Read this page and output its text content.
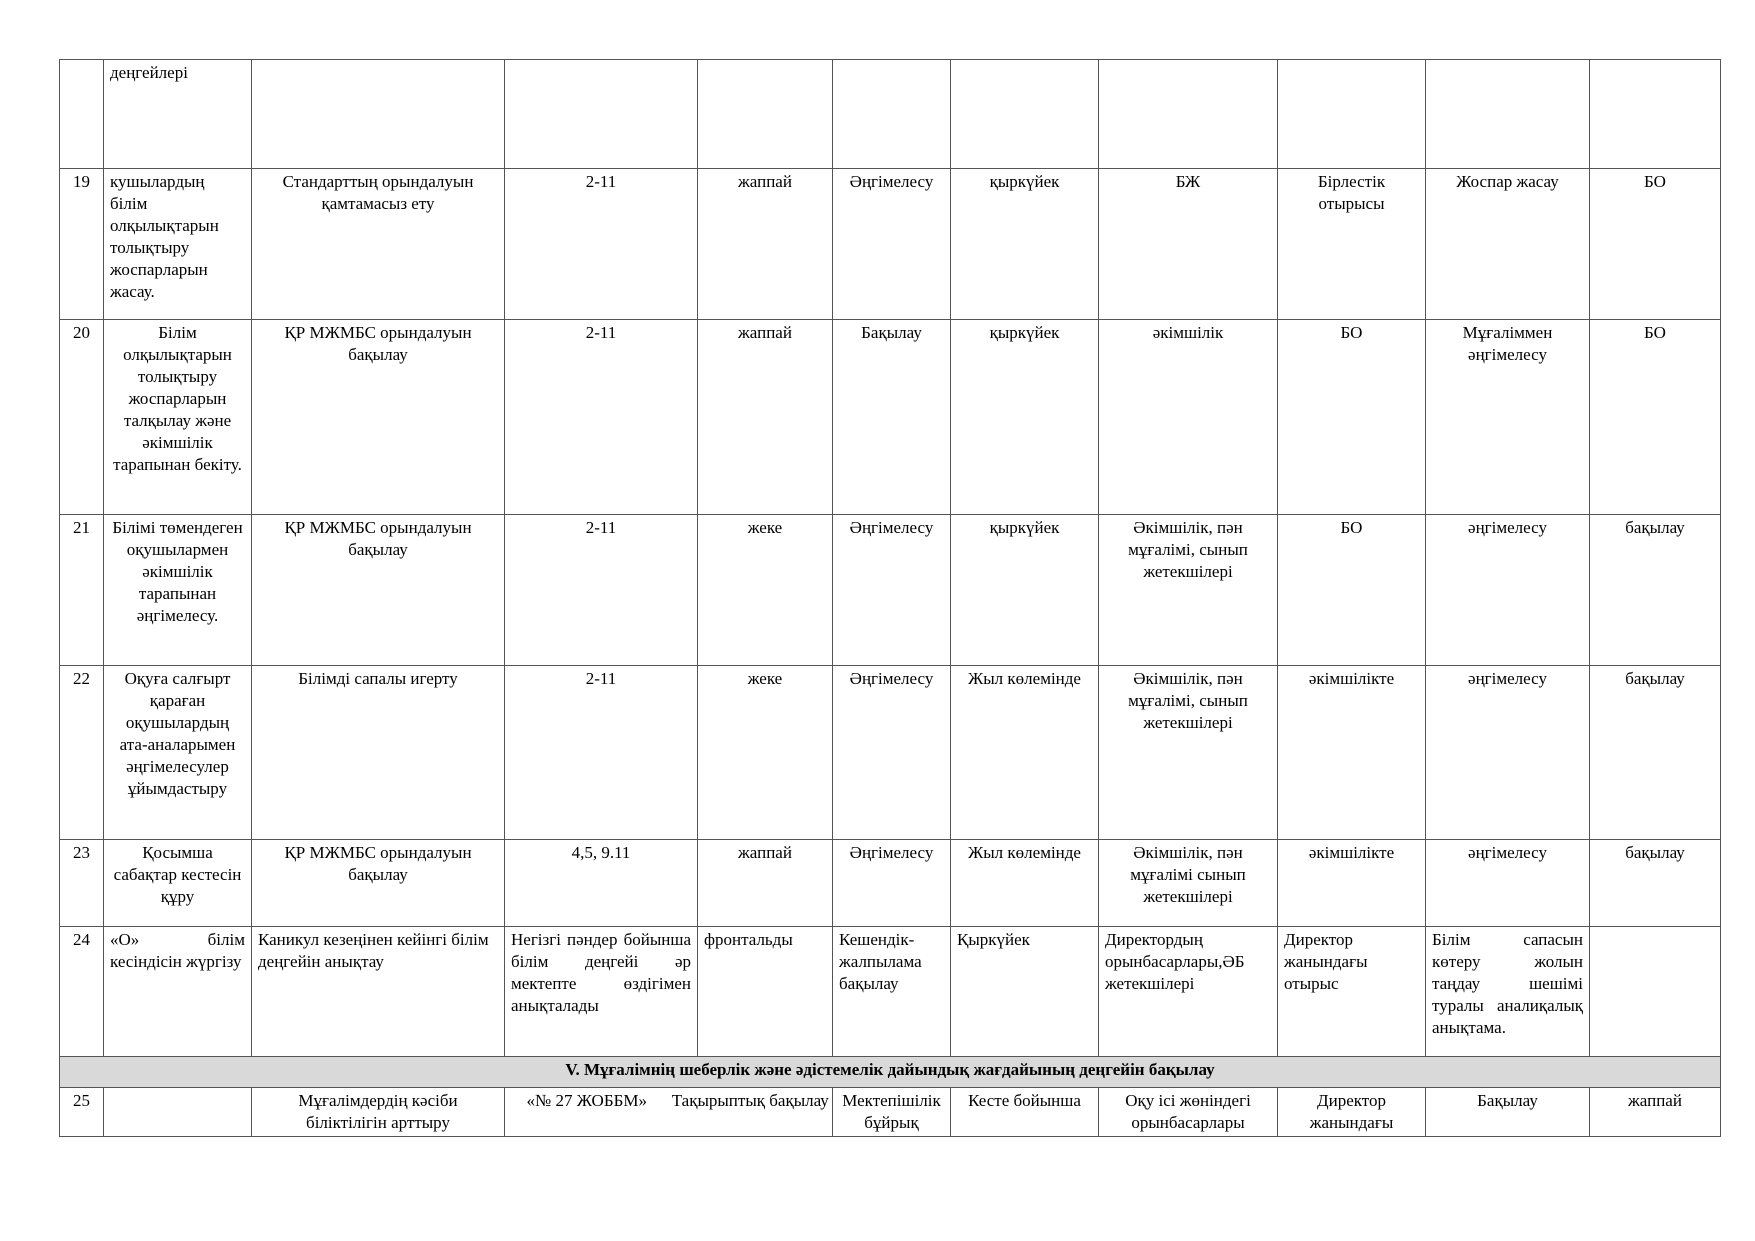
	деңгейлері									
19	кушылардың білім олқылықтарын толықтыру жоспарларын жасау.	Стандарттың орындалуын қамтамасыз ету	2-11	жаппай	Әңгімелесу	қыркүйек	БЖ	Бірлестік отырысы	Жоспар жасау	БО
20	Білім олқылықтарын толықтыру жоспарларын талқылау және әкімшілік тарапынан бекіту.	ҚР МЖМБС орындалуын бақылау	2-11	жаппай	Бақылау	қыркүйек	әкімшілік	БО	Мұғаліммен әңгімелесу	БО
21	Білімі төмендеген оқушылармен әкімшілік тарапынан әңгімелесу.	ҚР МЖМБС орындалуын бақылау	2-11	жеке	Әңгімелесу	қыркүйек	Әкімшілік, пән мұғалімі, сынып жетекшілері	БО	әңгімелесу	бақылау
22	Оқуға салғырт қараған оқушылардың ата-аналарымен әңгімелесулер ұйымдастыру	Білімді сапалы игерту	2-11	жеке	Әңгімелесу	Жыл көлемінде	Әкімшілік, пән мұғалімі, сынып жетекшілері	әкімшілікте	әңгімелесу	бақылау
23	Қосымша сабақтар кестесін құру	ҚР МЖМБС орындалуын бақылау	4,5, 9.11	жаппай	Әңгімелесу	Жыл көлемінде	Әкімшілік, пән мұғалімі сынып жетекшілері	әкімшілікте	әңгімелесу	бақылау
24	«О» білім кесіндісін жүргізу	Каникул кезеңінен кейінгі білім деңгейін анықтау	Негізгі пәндер бойынша білім деңгейі әр мектепте өздігімен анықталады	фронтальды	Кешендік-жалпылама бақылау	Қыркүйек	Директордың орынбасарлары,ӘБ жетекшілері	Директор жанындағы отырыс	Білім сапасын көтеру жолын таңдау шешімі туралы аналиқалық анықтама.	
V. Мұғалімнің шеберлік және әдістемелік дайындық жағдайының деңгейін бақылау										
25		Мұғалімдердің кәсіби біліктілігін арттыру	«№ 27 ЖОББМ» Тақырыптық бақылау		Мектепішілік бұйрық	Кесте бойынша	Оқу ісі жөніндегі орынбасарлары	Директор жанындағы	Бақылау	жаппай
